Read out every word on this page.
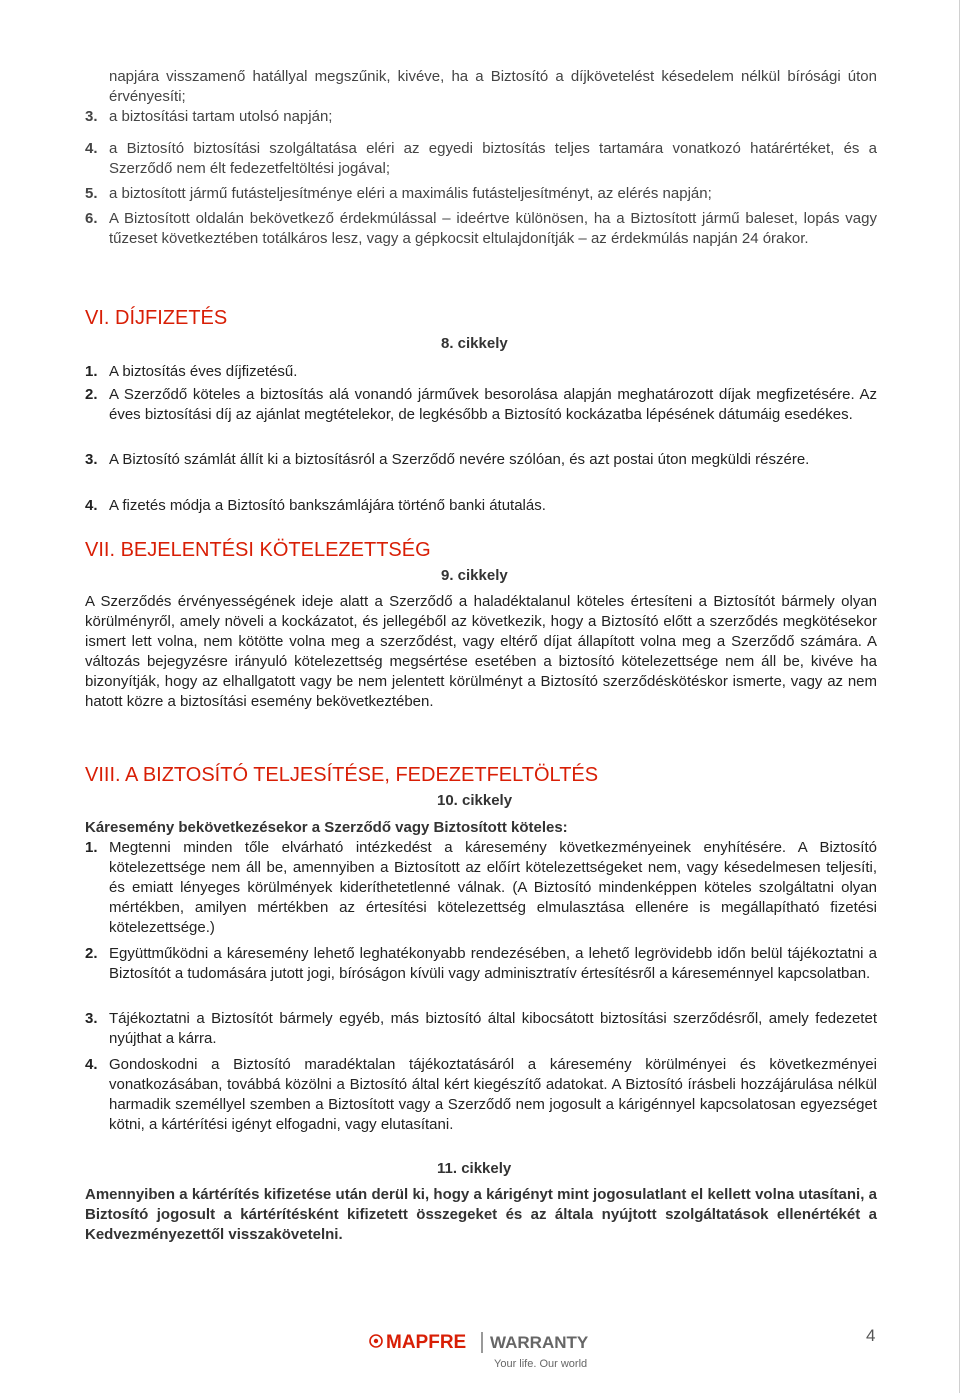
napjára visszamenő hatállyal megszűnik, kivéve, ha a Biztosító a díjkövetelést késedelem nélkül bírósági úton érvényesíti;
3. a biztosítási tartam utolsó napján;
4. a Biztosító biztosítási szolgáltatása eléri az egyedi biztosítás teljes tartamára vonatkozó határértéket, és a Szerződő nem élt fedezetfeltöltési jogával;
5. a biztosított jármű futásteljesítménye eléri a maximális futásteljesítményt, az elérés napján;
6. A Biztosított oldalán bekövetkező érdekmúlással – ideértve különösen, ha a Biztosított jármű baleset, lopás vagy tűzeset következtében totálkáros lesz, vagy a gépkocsit eltulajdonítják – az érdekmúlás napján 24 órakor.
VI. DÍJFIZETÉS
8. cikkely
1. A biztosítás éves díjfizetésű.
2. A Szerződő köteles a biztosítás alá vonandó járművek besorolása alapján meghatározott díjak megfizetésére. Az éves biztosítási díj az ajánlat megtételekor, de legkésőbb a Biztosító kockázatba lépésének dátumáig esedékes.
3. A Biztosító számlát állít ki a biztosításról a Szerződő nevére szólóan, és azt postai úton megküldi részére.
4. A fizetés módja a Biztosító bankszámlájára történő banki átutalás.
VII. BEJELENTÉSI KÖTELEZETTSÉG
9. cikkely
A Szerződés érvényességének ideje alatt a Szerződő a haladéktalanul köteles értesíteni a Biztosítót bármely olyan körülményről, amely növeli a kockázatot, és jellegéből az következik, hogy a Biztosító előtt a szerződés megkötésekor ismert lett volna, nem kötötte volna meg a szerződést, vagy eltérő díjat állapított volna meg a Szerződő számára. A változás bejegyzésre irányuló kötelezettség megsértése esetében a biztosító kötelezettsége nem áll be, kivéve ha bizonyítják, hogy az elhallgatott vagy be nem jelentett körülményt a Biztosító szerződéskötéskor ismerte, vagy az nem hatott közre a biztosítási esemény bekövetkeztében.
VIII. A BIZTOSÍTÓ TELJESÍTÉSE, FEDEZETFELTÖLTÉS
10. cikkely
Káresemény bekövetkezésekor a Szerződő vagy Biztosított köteles:
1. Megtenni minden tőle elvárható intézkedést a káresemény következményeinek enyhítésére. A Biztosító kötelezettsége nem áll be, amennyiben a Biztosított az előírt kötelezettségeket nem, vagy késedelmesen teljesíti, és emiatt lényeges körülmények kideríthetetlenné válnak. (A Biztosító mindenképpen köteles szolgáltatni olyan mértékben, amilyen mértékben az értesítési kötelezettség elmulasztása ellenére is megállapítható fizetési kötelezettsége.)
2. Együttműködni a káresemény lehető leghatékonyabb rendezésében, a lehető legrövidebb időn belül tájékoztatni a Biztosítót a tudomására jutott jogi, bíróságon kívüli vagy adminisztratív értesítésről a káreseménnyel kapcsolatban.
3. Tájékoztatni a Biztosítót bármely egyéb, más biztosító által kibocsátott biztosítási szerződésről, amely fedezetet nyújthat a kárra.
4. Gondoskodni a Biztosító maradéktalan tájékoztatásáról a káresemény körülményei és következményei vonatkozásában, továbbá közölni a Biztosító által kért kiegészítő adatokat. A Biztosító írásbeli hozzájárulása nélkül harmadik személlyel szemben a Biztosított vagy a Szerződő nem jogosult a kárigénnyel kapcsolatosan egyezséget kötni, a kártérítési igényt elfogadni, vagy elutasítani.
11. cikkely
Amennyiben a kártérítés kifizetése után derül ki, hogy a kárigényt mint jogosulatlant el kellett volna utasítani, a Biztosító jogosult a kártérítésként kifizetett összegeket és az általa nyújtott szolgáltatások ellenértékét a Kedvezményezettől visszakövetelni.
MAPFRE WARRANTY
Your life. Our world
4
